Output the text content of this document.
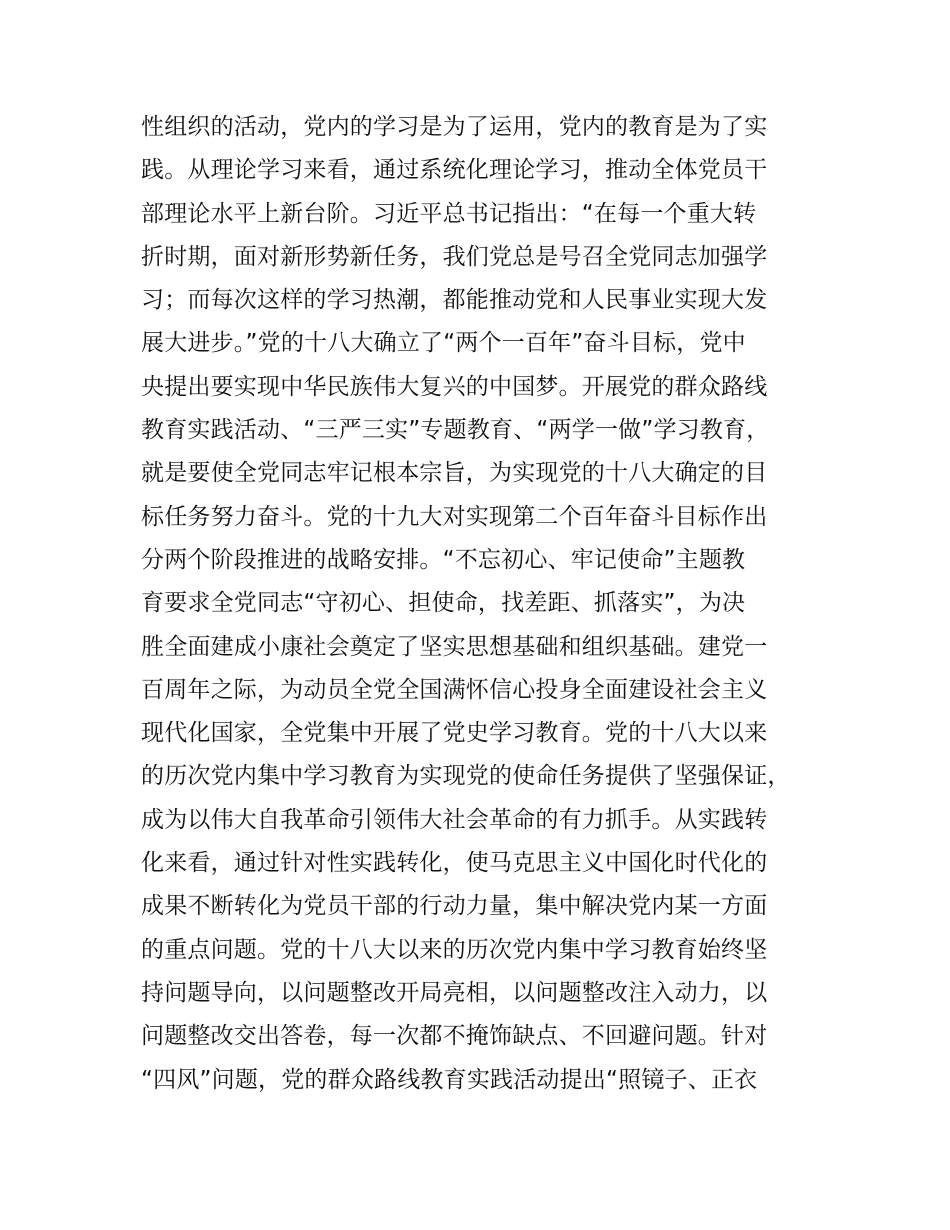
性组织的活动，党内的学习是为了运用，党内的教育是为了实
践。从理论学习来看，通过系统化理论学习，推动全体党员干
部理论水平上新台阶。习近平总书记指出：“在每一个重大转
折时期，面对新形势新任务，我们党总是号召全党同志加强学
习；而每次这样的学习热潮，都能推动党和人民事业实现大发
展大进步。”党的十八大确立了“两个一百年”奋斗目标，党中
央提出要实现中华民族伟大复兴的中国梦。开展党的群众路线
教育实践活动、“三严三实”专题教育、“两学一做”学习教育，
就是要使全党同志牢记根本宗旨，为实现党的十八大确定的目
标任务努力奋斗。党的十九大对实现第二个百年奋斗目标作出
分两个阶段推进的战略安排。“不忘初心、牢记使命”主题教
育要求全党同志“守初心、担使命，找差距、抓落实”，为决
胜全面建成小康社会奠定了坚实思想基础和组织基础。建党一
百周年之际，为动员全党全国满怀信心投身全面建设社会主义
现代化国家，全党集中开展了党史学习教育。党的十八大以来
的历次党内集中学习教育为实现党的使命任务提供了坚强保证，
成为以伟大自我革命引领伟大社会革命的有力抓手。从实践转
化来看，通过针对性实践转化，使马克思主义中国化时代化的
成果不断转化为党员干部的行动力量，集中解决党内某一方面
的重点问题。党的十八大以来的历次党内集中学习教育始终坚
持问题导向，以问题整改开局亮相，以问题整改注入动力，以
问题整改交出答卷，每一次都不掩饰缺点、不回避问题。针对
“四风”问题，党的群众路线教育实践活动提出“照镜子、正衣
